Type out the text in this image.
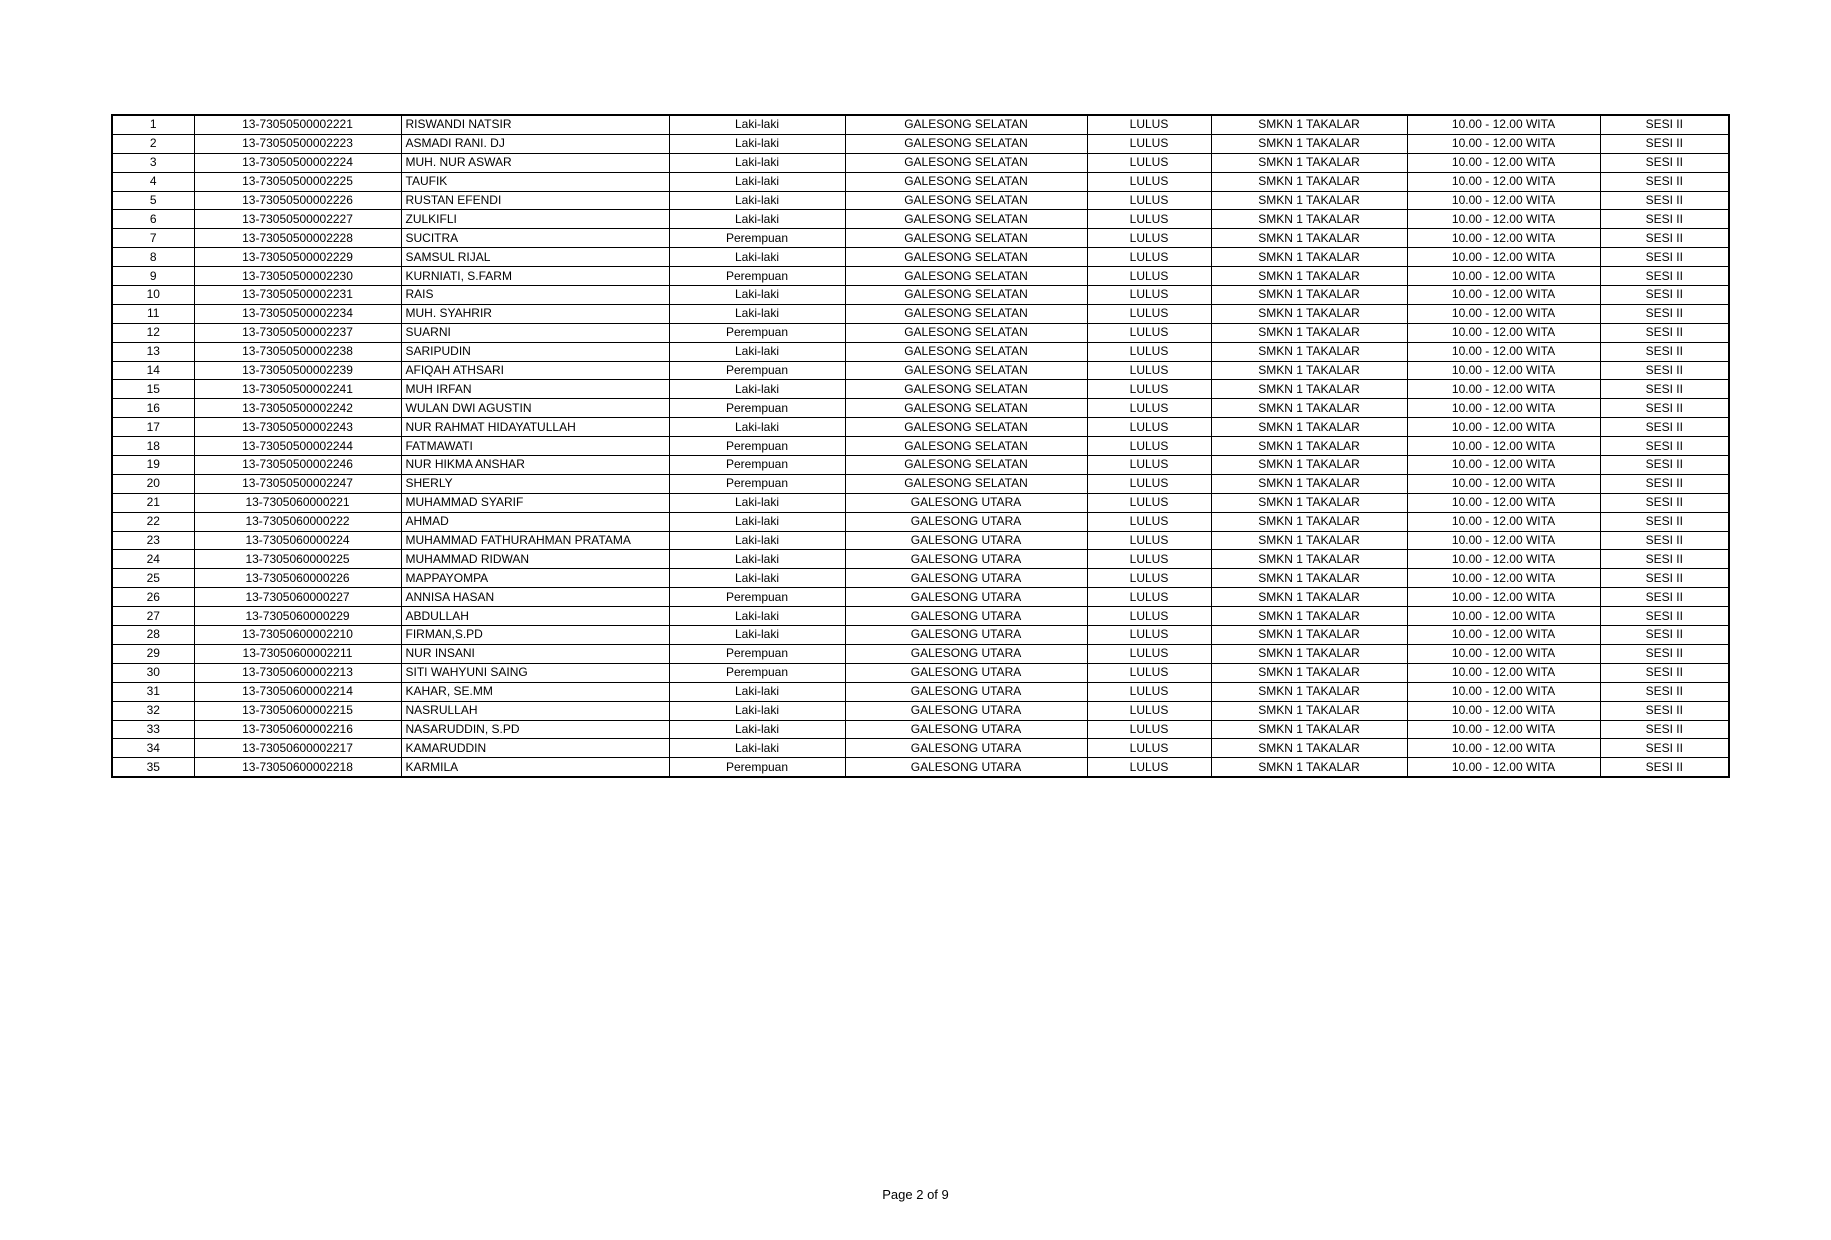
1	13-73050500002221	RISWANDI NATSIR	Laki-laki	GALESONG SELATAN	LULUS	SMKN 1 TAKALAR	10.00 - 12.00 WITA	SESI II
2	13-73050500002223	ASMADI RANI. DJ	Laki-laki	GALESONG SELATAN	LULUS	SMKN 1 TAKALAR	10.00 - 12.00 WITA	SESI II
3	13-73050500002224	MUH. NUR ASWAR	Laki-laki	GALESONG SELATAN	LULUS	SMKN 1 TAKALAR	10.00 - 12.00 WITA	SESI II
4	13-73050500002225	TAUFIK	Laki-laki	GALESONG SELATAN	LULUS	SMKN 1 TAKALAR	10.00 - 12.00 WITA	SESI II
5	13-73050500002226	RUSTAN EFENDI	Laki-laki	GALESONG SELATAN	LULUS	SMKN 1 TAKALAR	10.00 - 12.00 WITA	SESI II
6	13-73050500002227	ZULKIFLI	Laki-laki	GALESONG SELATAN	LULUS	SMKN 1 TAKALAR	10.00 - 12.00 WITA	SESI II
7	13-73050500002228	SUCITRA	Perempuan	GALESONG SELATAN	LULUS	SMKN 1 TAKALAR	10.00 - 12.00 WITA	SESI II
8	13-73050500002229	SAMSUL RIJAL	Laki-laki	GALESONG SELATAN	LULUS	SMKN 1 TAKALAR	10.00 - 12.00 WITA	SESI II
9	13-73050500002230	KURNIATI, S.FARM	Perempuan	GALESONG SELATAN	LULUS	SMKN 1 TAKALAR	10.00 - 12.00 WITA	SESI II
10	13-73050500002231	RAIS	Laki-laki	GALESONG SELATAN	LULUS	SMKN 1 TAKALAR	10.00 - 12.00 WITA	SESI II
11	13-73050500002234	MUH. SYAHRIR	Laki-laki	GALESONG SELATAN	LULUS	SMKN 1 TAKALAR	10.00 - 12.00 WITA	SESI II
12	13-73050500002237	SUARNI	Perempuan	GALESONG SELATAN	LULUS	SMKN 1 TAKALAR	10.00 - 12.00 WITA	SESI II
13	13-73050500002238	SARIPUDIN	Laki-laki	GALESONG SELATAN	LULUS	SMKN 1 TAKALAR	10.00 - 12.00 WITA	SESI II
14	13-73050500002239	AFIQAH ATHSARI	Perempuan	GALESONG SELATAN	LULUS	SMKN 1 TAKALAR	10.00 - 12.00 WITA	SESI II
15	13-73050500002241	MUH IRFAN	Laki-laki	GALESONG SELATAN	LULUS	SMKN 1 TAKALAR	10.00 - 12.00 WITA	SESI II
16	13-73050500002242	WULAN DWI AGUSTIN	Perempuan	GALESONG SELATAN	LULUS	SMKN 1 TAKALAR	10.00 - 12.00 WITA	SESI II
17	13-73050500002243	NUR RAHMAT HIDAYATULLAH	Laki-laki	GALESONG SELATAN	LULUS	SMKN 1 TAKALAR	10.00 - 12.00 WITA	SESI II
18	13-73050500002244	FATMAWATI	Perempuan	GALESONG SELATAN	LULUS	SMKN 1 TAKALAR	10.00 - 12.00 WITA	SESI II
19	13-73050500002246	NUR HIKMA ANSHAR	Perempuan	GALESONG SELATAN	LULUS	SMKN 1 TAKALAR	10.00 - 12.00 WITA	SESI II
20	13-73050500002247	SHERLY	Perempuan	GALESONG SELATAN	LULUS	SMKN 1 TAKALAR	10.00 - 12.00 WITA	SESI II
21	13-7305060000221	MUHAMMAD SYARIF	Laki-laki	GALESONG UTARA	LULUS	SMKN 1 TAKALAR	10.00 - 12.00 WITA	SESI II
22	13-7305060000222	AHMAD	Laki-laki	GALESONG UTARA	LULUS	SMKN 1 TAKALAR	10.00 - 12.00 WITA	SESI II
23	13-7305060000224	MUHAMMAD FATHURAHMAN PRATAMA	Laki-laki	GALESONG UTARA	LULUS	SMKN 1 TAKALAR	10.00 - 12.00 WITA	SESI II
24	13-7305060000225	MUHAMMAD RIDWAN	Laki-laki	GALESONG UTARA	LULUS	SMKN 1 TAKALAR	10.00 - 12.00 WITA	SESI II
25	13-7305060000226	MAPPAYOMPA	Laki-laki	GALESONG UTARA	LULUS	SMKN 1 TAKALAR	10.00 - 12.00 WITA	SESI II
26	13-7305060000227	ANNISA HASAN	Perempuan	GALESONG UTARA	LULUS	SMKN 1 TAKALAR	10.00 - 12.00 WITA	SESI II
27	13-7305060000229	ABDULLAH	Laki-laki	GALESONG UTARA	LULUS	SMKN 1 TAKALAR	10.00 - 12.00 WITA	SESI II
28	13-73050600002210	FIRMAN,S.PD	Laki-laki	GALESONG UTARA	LULUS	SMKN 1 TAKALAR	10.00 - 12.00 WITA	SESI II
29	13-73050600002211	NUR INSANI	Perempuan	GALESONG UTARA	LULUS	SMKN 1 TAKALAR	10.00 - 12.00 WITA	SESI II
30	13-73050600002213	SITI WAHYUNI SAING	Perempuan	GALESONG UTARA	LULUS	SMKN 1 TAKALAR	10.00 - 12.00 WITA	SESI II
31	13-73050600002214	KAHAR, SE.MM	Laki-laki	GALESONG UTARA	LULUS	SMKN 1 TAKALAR	10.00 - 12.00 WITA	SESI II
32	13-73050600002215	NASRULLAH	Laki-laki	GALESONG UTARA	LULUS	SMKN 1 TAKALAR	10.00 - 12.00 WITA	SESI II
33	13-73050600002216	NASARUDDIN, S.PD	Laki-laki	GALESONG UTARA	LULUS	SMKN 1 TAKALAR	10.00 - 12.00 WITA	SESI II
34	13-73050600002217	KAMARUDDIN	Laki-laki	GALESONG UTARA	LULUS	SMKN 1 TAKALAR	10.00 - 12.00 WITA	SESI II
35	13-73050600002218	KARMILA	Perempuan	GALESONG UTARA	LULUS	SMKN 1 TAKALAR	10.00 - 12.00 WITA	SESI II
Page 2 of 9
